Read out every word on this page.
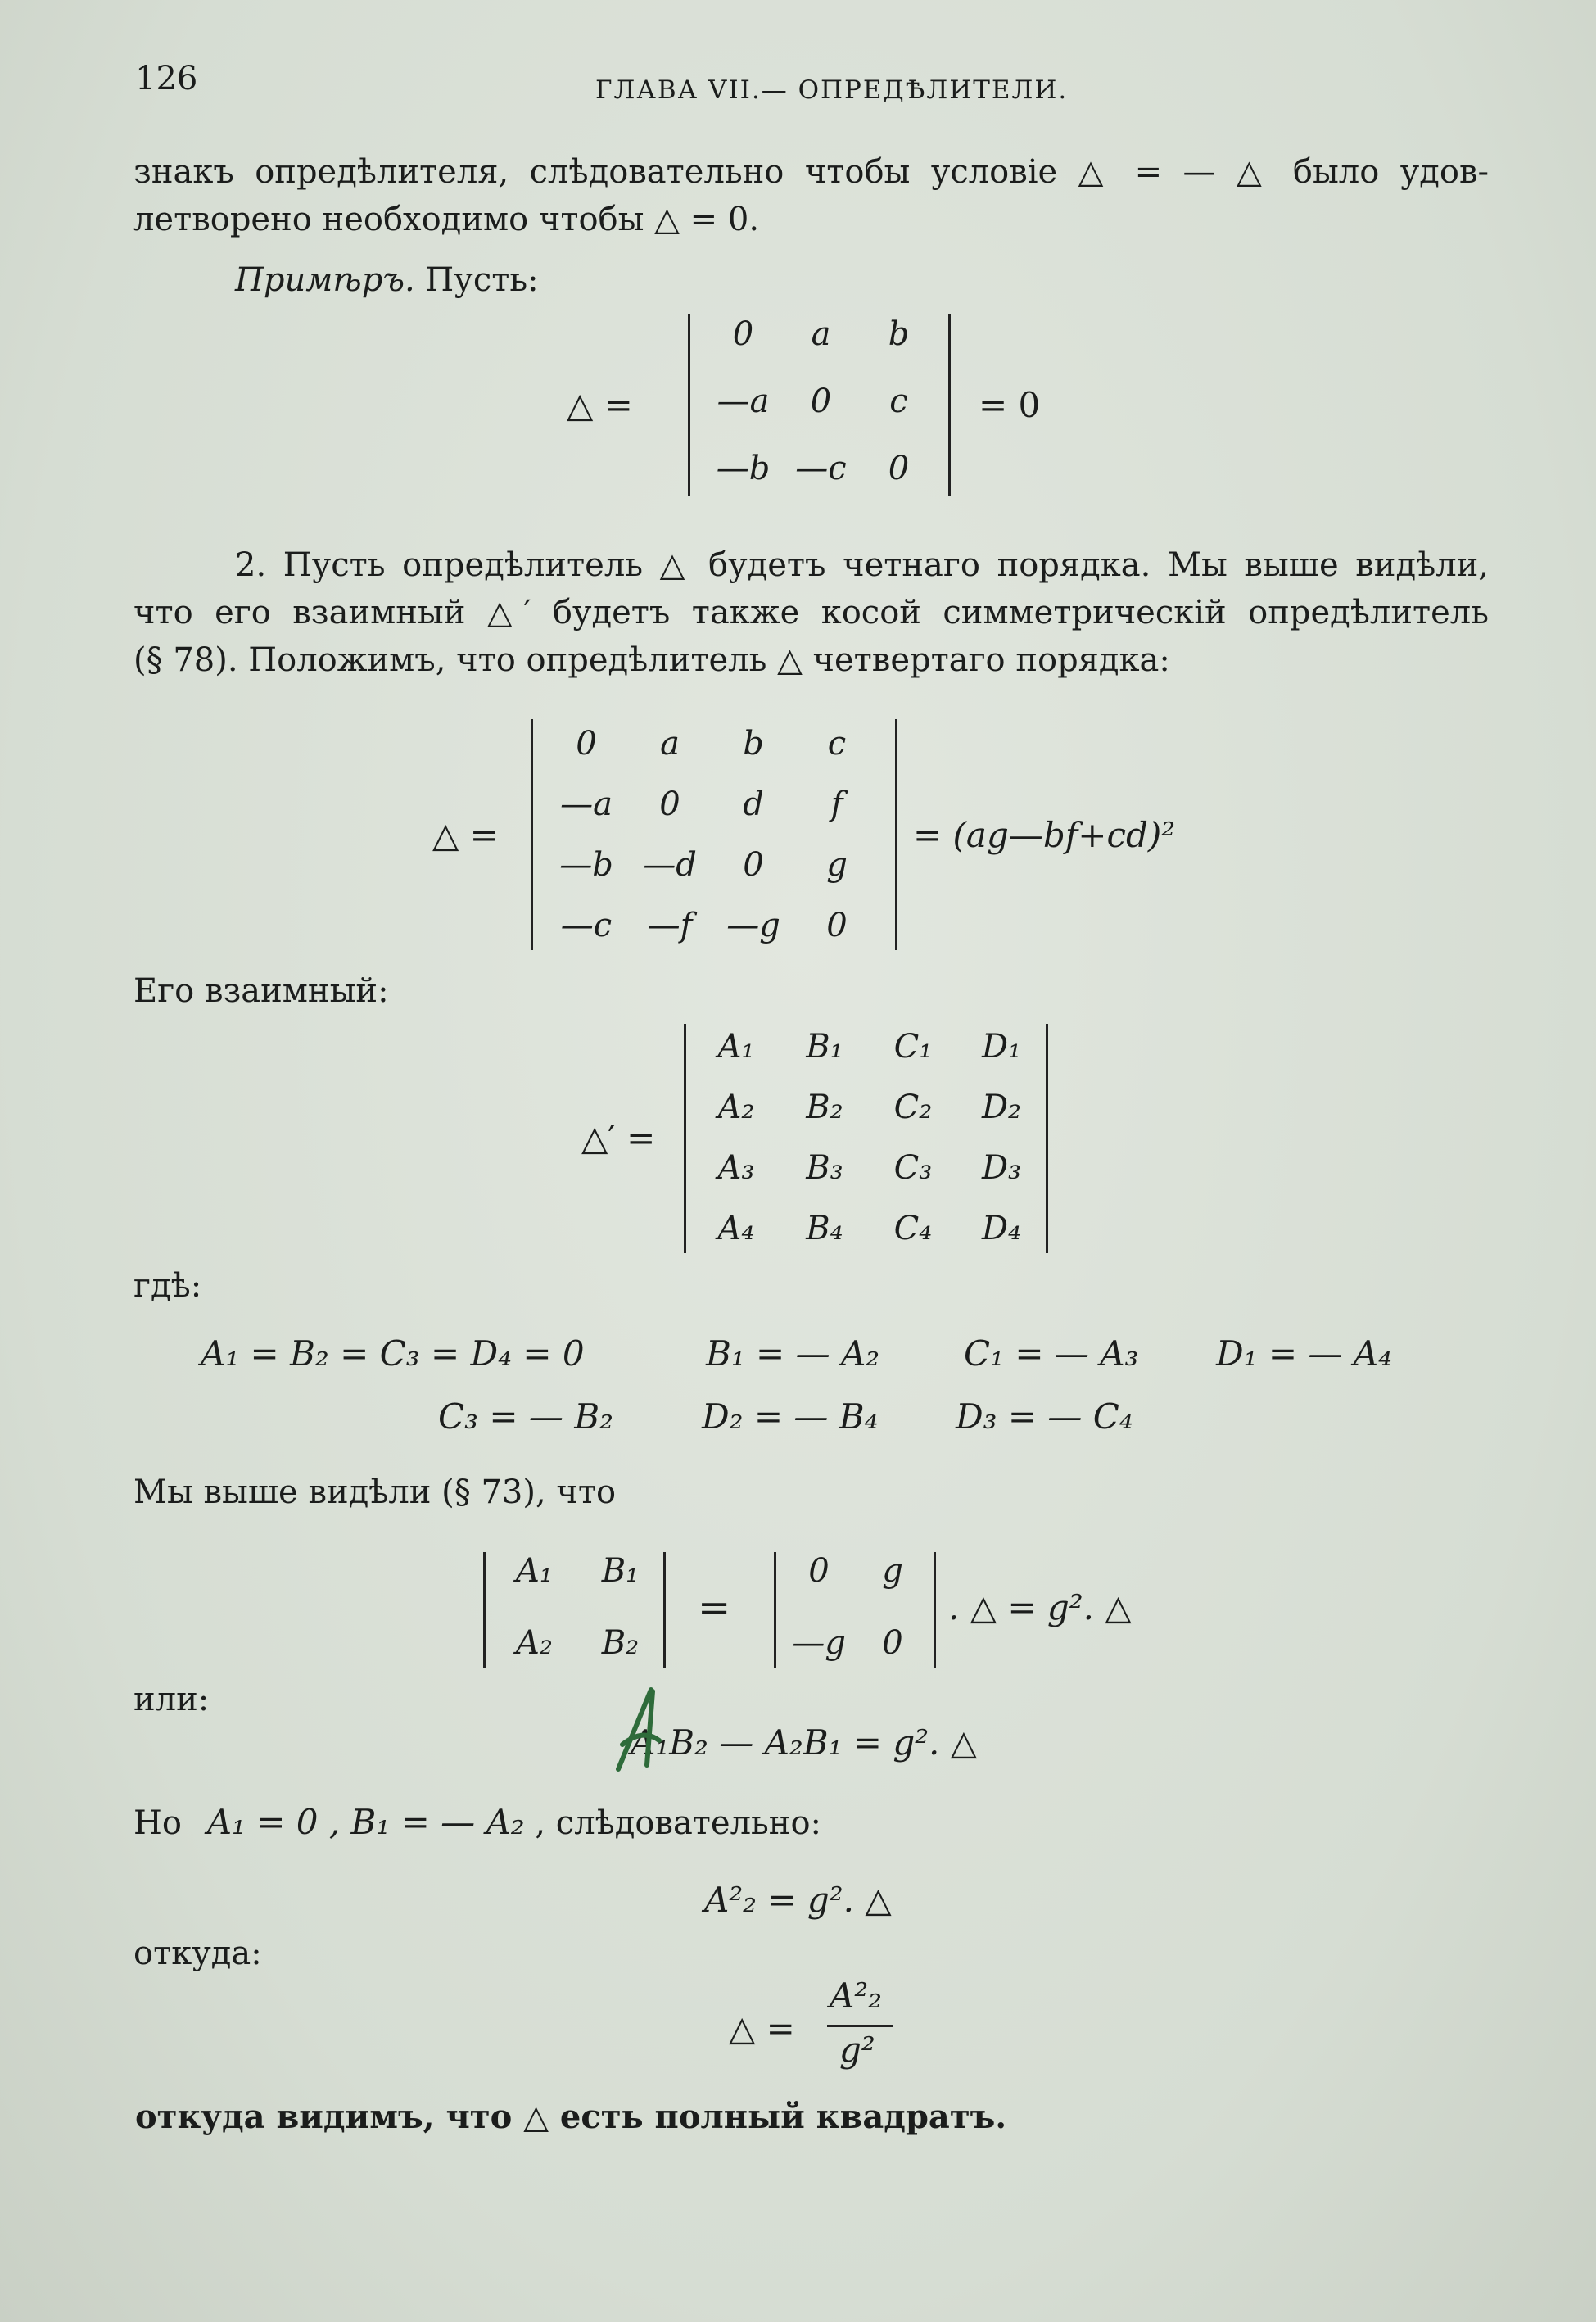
126	ГЛАВА VII.— ОПРЕДѢЛИТЕЛИ.
знакъ опредѣлителя, слѣдовательно чтобы условіе △ = — △ было удов-
летворено необходимо чтобы △ = 0.
Примѣръ. Пусть:
△ =
0	a	b
—a	0	c
—b —c	0
= 0
2. Пусть опредѣлитель △ будетъ четнаго порядка. Мы выше видѣли,
что его взаимный △′ будетъ также косой симметрическій опредѣлитель
(§ 78). Положимъ, что опредѣлитель △ четвертаго порядка:
△ =
0	a	b	c
—a	0	d	f
—b —d	0	g
—c	—f	—g	0
= (ag—bf+cd)²
Его взаимный:
△′ =
A₁	B₁	C₁	D₁
A₂	B₂	C₂	D₂
A₃	B₃	C₃	D₃
A₄	B₄	C₄	D₄
гдѣ:
A₁ = B₂ = C₃ = D₄ = 0	B₁ = — A₂ C₁ = — A₃ D₁ = — A₄
C₃ = — B₂	D₂ = — B₄ D₃ = — C₄
Мы выше видѣли (§ 73), что
A₁	B₁
A₂	B₂
=
0	g
—g	0
. △ = g². △
или:
A₁B₂ — A₂B₁ = g². △
Но A₁ = 0 , B₁ = — A₂ , слѣдовательно:
A²₂ = g². △
откуда:
△ =
A²₂
g²
откуда видимъ, что △ есть полный квадратъ.
